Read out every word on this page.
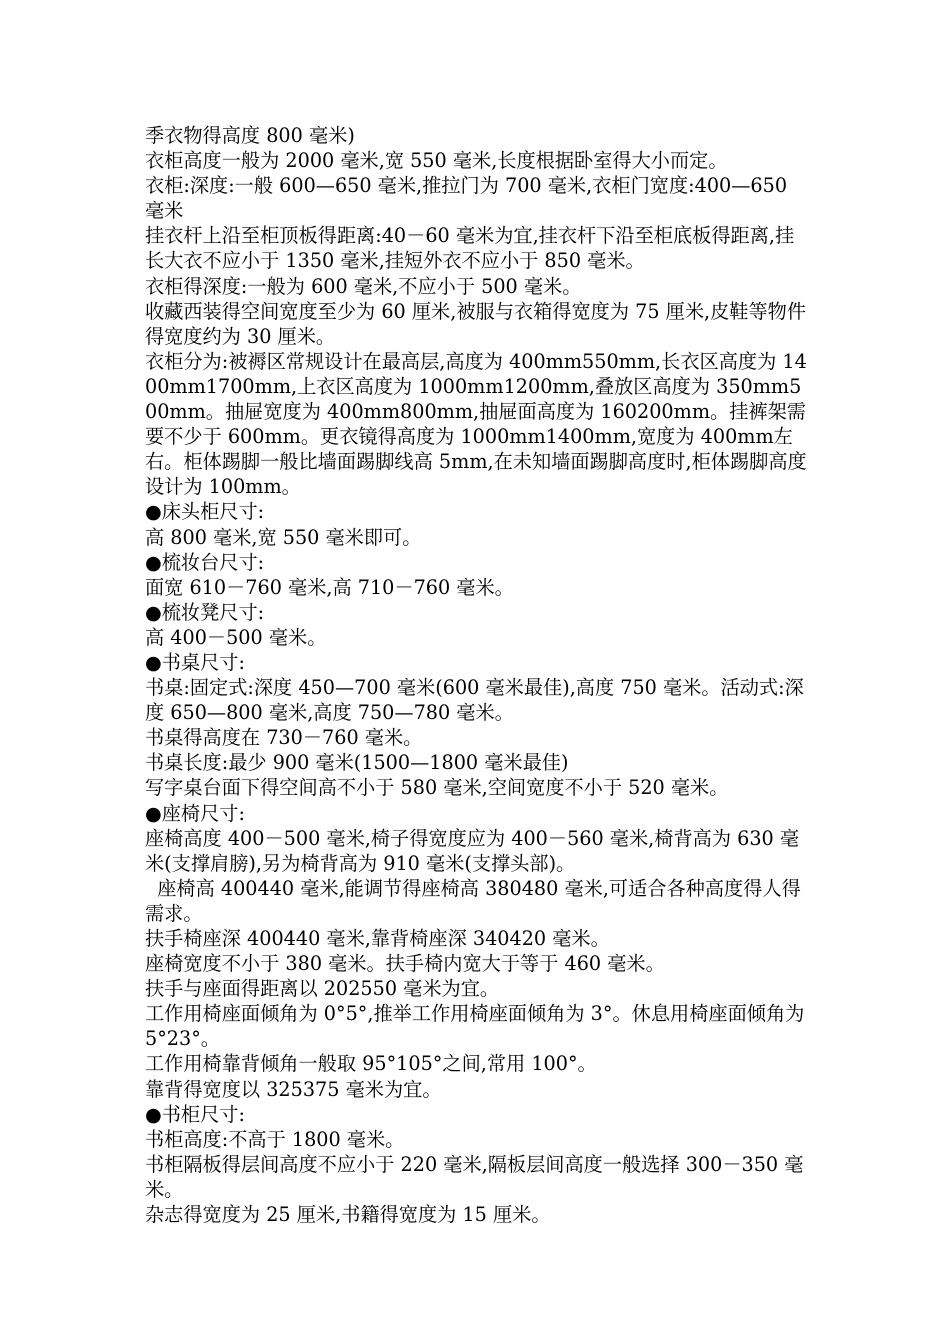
季衣物得高度 800 毫米)

衣柜高度一般为 2000 毫米,宽 550 毫米,长度根据卧室得大小而定。

衣柜:深度:一般 600—650 毫米,推拉门为 700 毫米,衣柜门宽度:400—650 毫米

挂衣杆上沿至柜顶板得距离:40－60 毫米为宜,挂衣杆下沿至柜底板得距离,挂长大衣不应小于 1350 毫米,挂短外衣不应小于 850 毫米。

衣柜得深度:一般为 600 毫米,不应小于 500 毫米。

收藏西装得空间宽度至少为 60 厘米,被服与衣箱得宽度为 75 厘米,皮鞋等物件得宽度约为 30 厘米。

衣柜分为:被褥区常规设计在最高层,高度为 400mm550mm,长衣区高度为 1400mm1700mm,上衣区高度为 1000mm1200mm,叠放区高度为 350mm500mm。抽屉宽度为 400mm800mm,抽屉面高度为 160200mm。挂裤架需要不少于 600mm。更衣镜得高度为 1000mm1400mm,宽度为 400mm左右。柜体踢脚一般比墙面踢脚线高 5mm,在未知墙面踢脚高度时,柜体踢脚高度设计为 100mm。

●床头柜尺寸:

高 800 毫米,宽 550 毫米即可。

●梳妆台尺寸:

面宽 610－760 毫米,高 710－760 毫米。

●梳妆凳尺寸:

高 400－500 毫米。

●书桌尺寸:

书桌:固定式:深度 450—700 毫米(600 毫米最佳),高度 750 毫米。活动式:深度 650—800 毫米,高度 750—780 毫米。

书桌得高度在 730－760 毫米。

书桌长度:最少 900 毫米(1500—1800 毫米最佳)

写字桌台面下得空间高不小于 580 毫米,空间宽度不小于 520 毫米。

●座椅尺寸:

座椅高度 400－500 毫米,椅子得宽度应为 400－560 毫米,椅背高为 630 毫米(支撑肩膀),另为椅背高为 910 毫米(支撑头部)。

座椅高 400440 毫米,能调节得座椅高 380480 毫米,可适合各种高度得人得需求。

扶手椅座深 400440 毫米,靠背椅座深 340420 毫米。

座椅宽度不小于 380 毫米。扶手椅内宽大于等于 460 毫米。

扶手与座面得距离以 202550 毫米为宜。

工作用椅座面倾角为 0°5°,推举工作用椅座面倾角为 3°。休息用椅座面倾角为 5°23°。

工作用椅靠背倾角一般取 95°105°之间,常用 100°。

靠背得宽度以 325375 毫米为宜。

●书柜尺寸:

书柜高度:不高于 1800 毫米。

书柜隔板得层间高度不应小于 220 毫米,隔板层间高度一般选择 300－350 毫米。

杂志得宽度为 25 厘米,书籍得宽度为 15 厘米。
